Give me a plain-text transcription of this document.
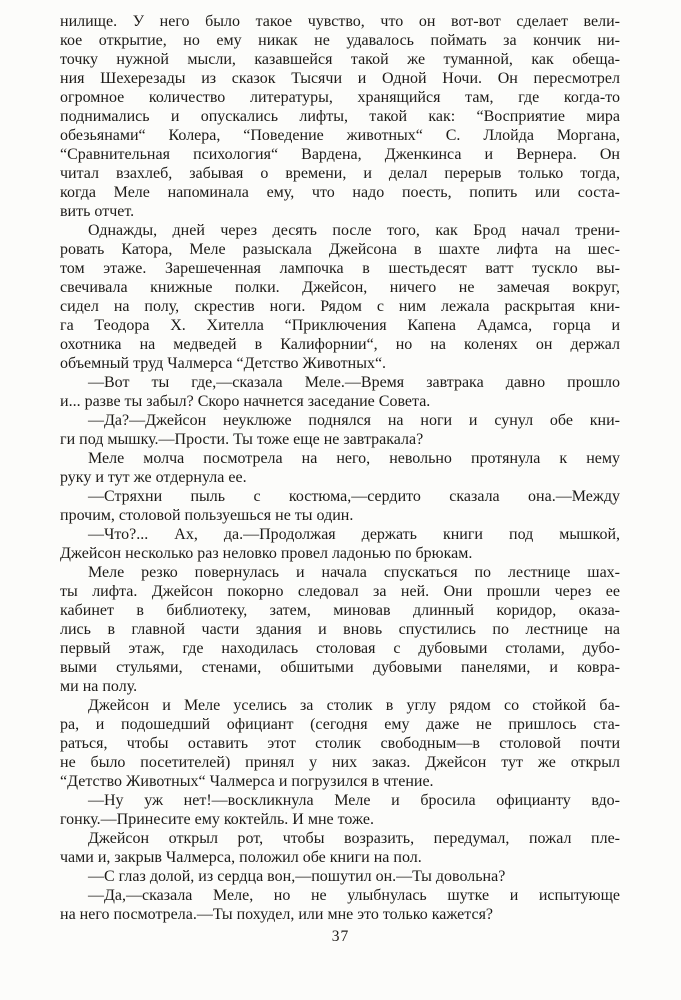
нилище. У него было такое чувство, что он вот-вот сделает вели-
кое открытие, но ему никак не удавалось поймать за кончик ни-
точку нужной мысли, казавшейся такой же туманной, как обеща-
ния Шехерезады из сказок Тысячи и Одной Ночи. Он пересмотрел
огромное количество литературы, хранящийся там, где когда-то
поднимались и опускались лифты, такой как: “Восприятие мира
обезьянами“ Колера, “Поведение животных“ С. Ллойда Моргана,
“Сравнительная психология“ Вардена, Дженкинса и Вернера. Он
читал взахлеб, забывая о времени, и делал перерыв только тогда,
когда Меле напоминала ему, что надо поесть, попить или соста-
вить отчет.

Однажды, дней через десять после того, как Брод начал трени-
ровать Катора, Меле разыскала Джейсона в шахте лифта на шес-
том этаже. Зарешеченная лампочка в шестьдесят ватт тускло вы-
свечивала книжные полки. Джейсон, ничего не замечая вокруг,
сидел на полу, скрестив ноги. Рядом с ним лежала раскрытая кни-
га Теодора Х. Хителла “Приключения Капена Адамса, горца и
охотника на медведей в Калифорнии“, но на коленях он держал
объемный труд Чалмерса “Детство Животных“.

—Вот ты где,—сказала Меле.—Время завтрака давно прошло
и... разве ты забыл? Скоро начнется заседание Совета.

—Да?—Джейсон неуклюже поднялся на ноги и сунул обе кни-
ги под мышку.—Прости. Ты тоже еще не завтракала?

Меле молча посмотрела на него, невольно протянула к нему
руку и тут же отдернула ее.

—Стряхни пыль с костюма,—сердито сказала она.—Между
прочим, столовой пользуешься не ты один.

—Что?... Ах, да.—Продолжая держать книги под мышкой,
Джейсон несколько раз неловко провел ладонью по брюкам.

Меле резко повернулась и начала спускаться по лестнице шах-
ты лифта. Джейсон покорно следовал за ней. Они прошли через ее
кабинет в библиотеку, затем, миновав длинный коридор, оказа-
лись в главной части здания и вновь спустились по лестнице на
первый этаж, где находилась столовая с дубовыми столами, дубо-
выми стульями, стенами, обшитыми дубовыми панелями, и ковра-
ми на полу.

Джейсон и Меле уселись за столик в углу рядом со стойкой ба-
ра, и подошедший официант (сегодня ему даже не пришлось ста-
раться, чтобы оставить этот столик свободным—в столовой почти
не было посетителей) принял у них заказ. Джейсон тут же открыл
“Детство Животных“ Чалмерса и погрузился в чтение.

—Ну уж нет!—воскликнула Меле и бросила официанту вдо-
гонку.—Принесите ему коктейль. И мне тоже.

Джейсон открыл рот, чтобы возразить, передумал, пожал пле-
чами и, закрыв Чалмерса, положил обе книги на пол.

—С глаз долой, из сердца вон,—пошутил он.—Ты довольна?

—Да,—сказала Меле, но не улыбнулась шутке и испытующе
на него посмотрела.—Ты похудел, или мне это только кажется?

37
